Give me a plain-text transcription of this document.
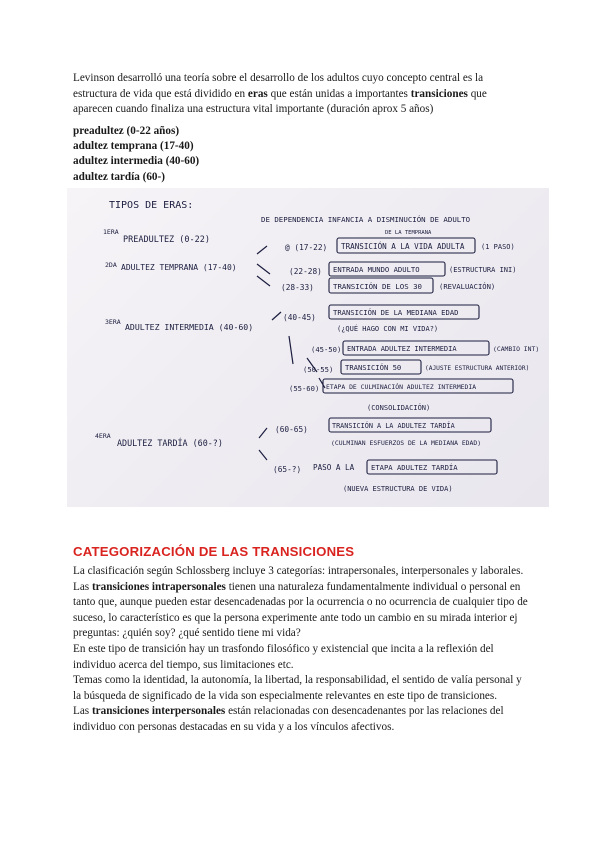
Levinson desarrolló una teoría sobre el desarrollo de los adultos cuyo concepto central es la estructura de vida que está dividido en eras que están unidas a importantes transiciones que aparecen cuando finaliza una estructura vital importante (duración aprox 5 años)
preadultez (0-22 años)
adultez temprana (17-40)
adultez intermedia (40-60)
adultez tardía (60-)
TIPOS DE ERAS:
1ERA
PREADULTEZ (0-22)
DE DEPENDENCIA INFANCIA A DISMINUCIÓN DE ADULTO
2DA ADULTEZ TEMPRANA (17-40)
@ (17-22)
DE LA TEMPRANA
TRANSICIÓN A LA VIDA ADULTA (1 PASO)
(22-28) ENTRADA MUNDO ADULTO	(ESTRUCTURA INI)
(28-33)	TRANSICIÓN DE LOS 30 (REVALUACIÓN)
3ERA ADULTEZ INTERMEDIA (40-60)
(40-45)
TRANSICIÓN DE LA MEDIANA EDAD
(¿QUÉ HAGO CON MI VIDA?)
(45-50) ENTRADA ADULTEZ INTERMEDIA	(CAMBIO INT)
(50-55) TRANSICIÓN 50	(AJUSTE ESTRUCTURA ANTERIOR)
(55-60) ETAPA DE CULMINACIÓN ADULTEZ INTERMEDIA
(CONSOLIDACIÓN)
4ERA
ADULTEZ TARDÍA (60-?)
(60-65)	TRANSICIÓN A LA ADULTEZ TARDÍA
(CULMINAN ESFUERZOS DE LA MEDIANA EDAD)
(65-?) PASO A LA ETAPA ADULTEZ TARDÍA
(NUEVA ESTRUCTURA DE VIDA)
CATEGORIZACIÓN DE LAS TRANSICIONES

La clasificación según Schlossberg incluye 3 categorías: intrapersonales, interpersonales y laborales.

Las transiciones intrapersonales tienen una naturaleza fundamentalmente individual o personal en tanto que, aunque pueden estar desencadenadas por la ocurrencia o no ocurrencia de cualquier tipo de suceso, lo característico es que la persona experimente ante todo un cambio en su mirada interior ej preguntas: ¿quién soy? ¿qué sentido tiene mi vida?

En este tipo de transición hay un trasfondo filosófico y existencial que incita a la reflexión del individuo acerca del tiempo, sus limitaciones etc.

Temas como la identidad, la autonomía, la libertad, la responsabilidad, el sentido de valía personal y la búsqueda de significado de la vida son especialmente relevantes en este tipo de transiciones.

Las transiciones interpersonales están relacionadas con desencadenantes por las relaciones del individuo con personas destacadas en su vida y a los vínculos afectivos.
